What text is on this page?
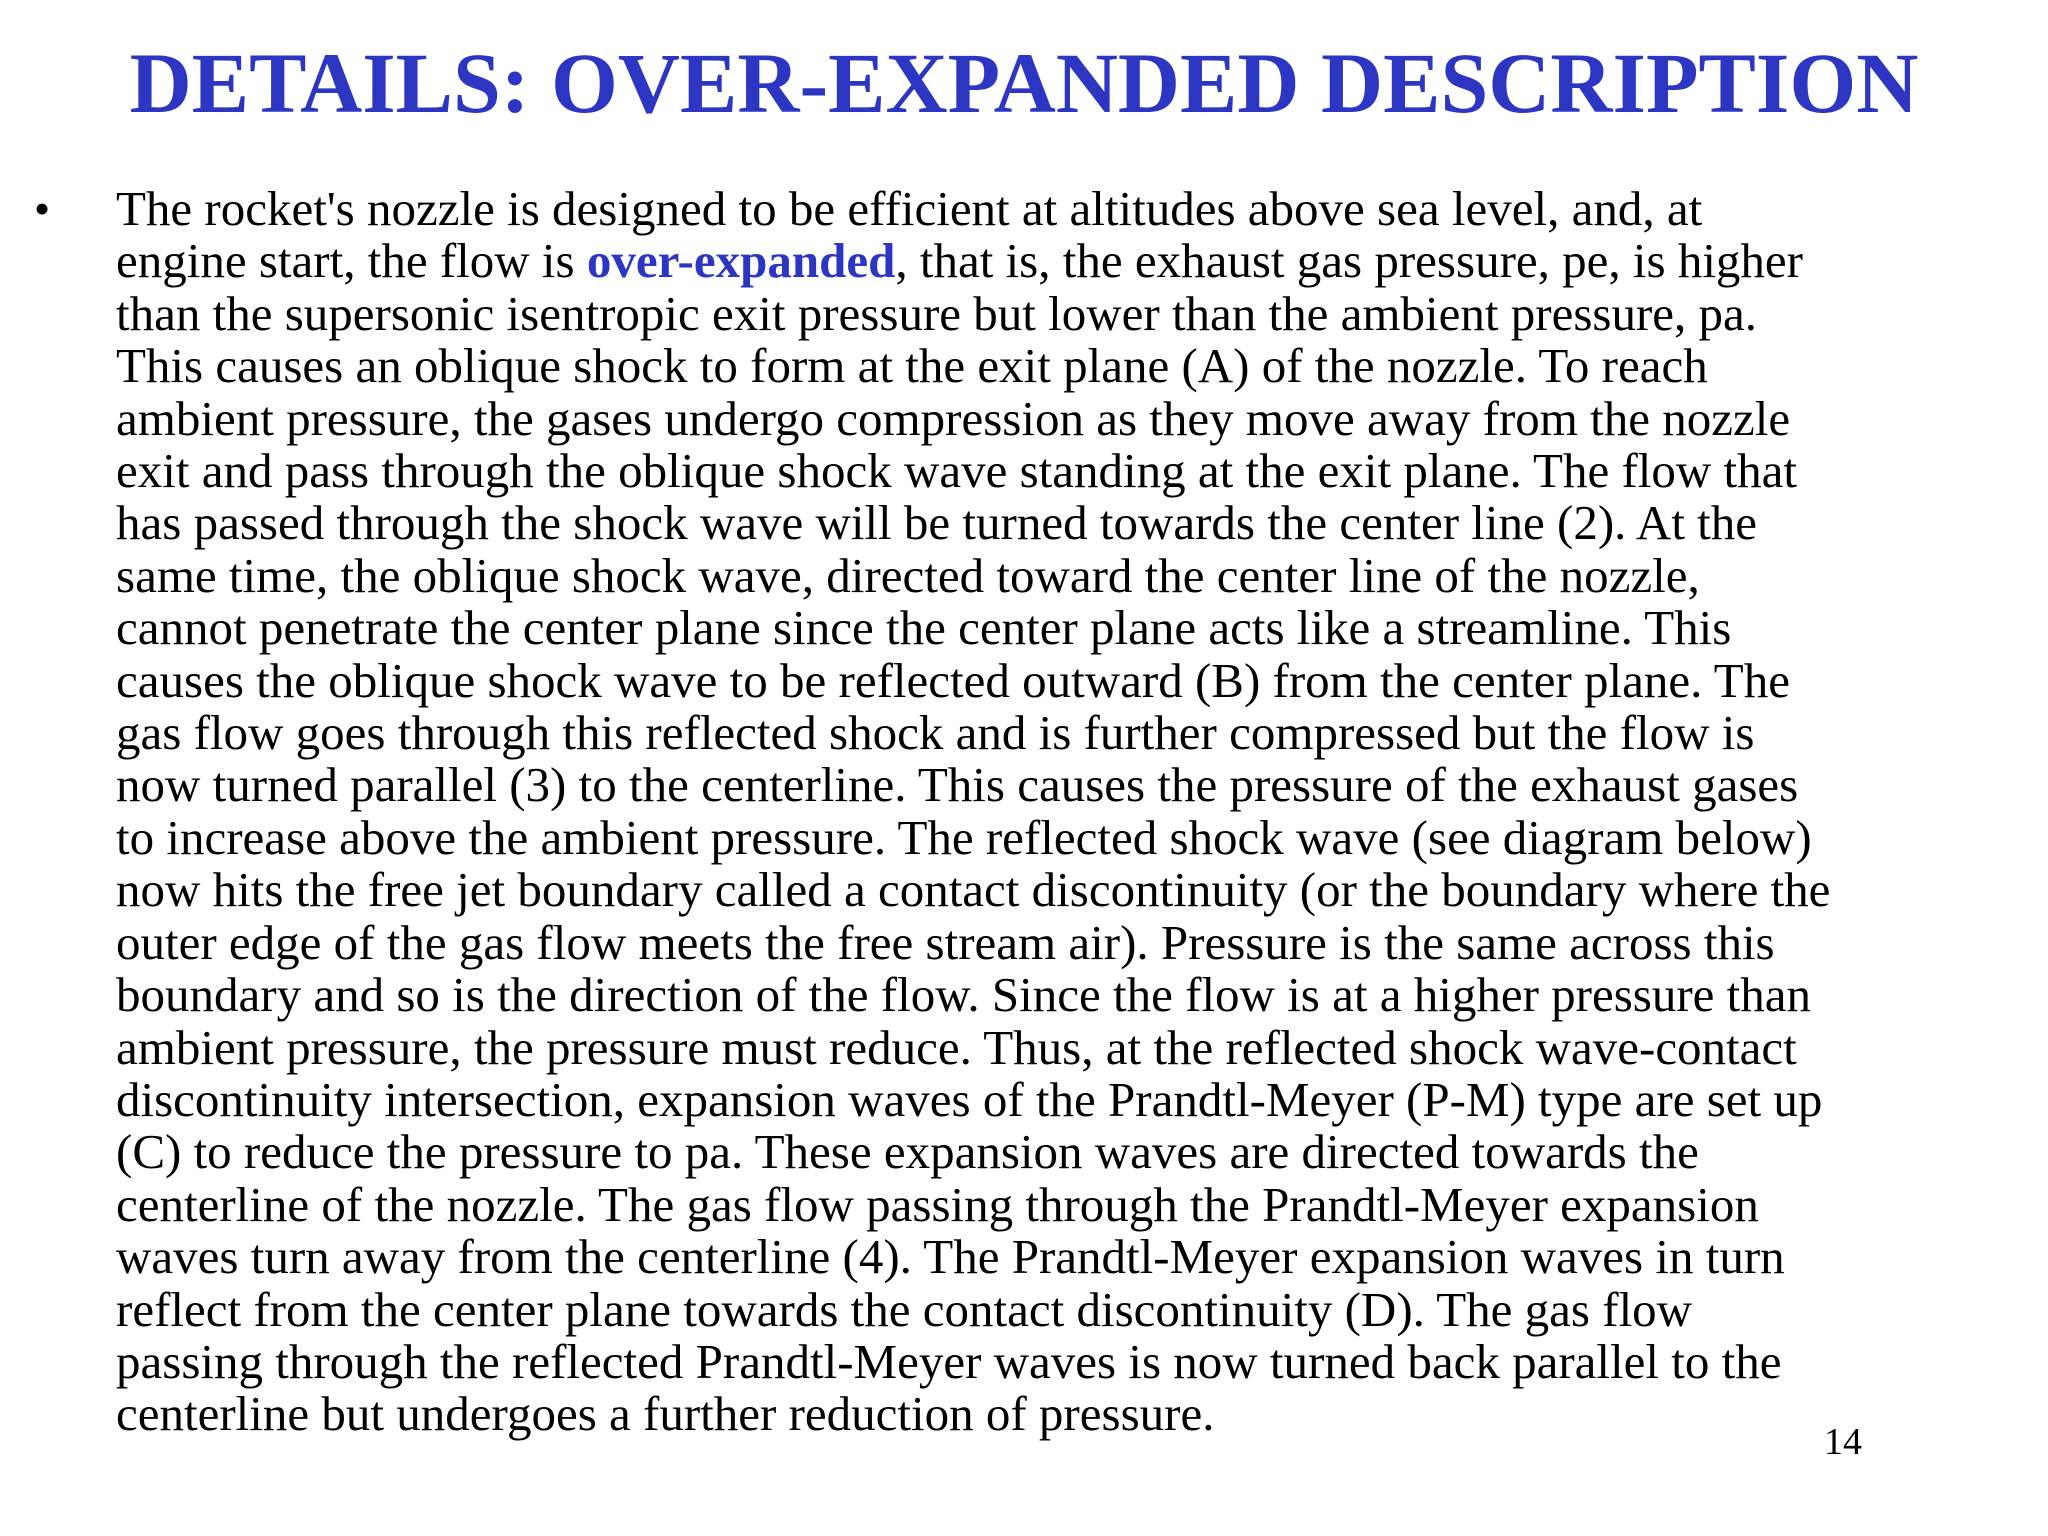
DETAILS: OVER-EXPANDED DESCRIPTION
• The rocket's nozzle is designed to be efficient at altitudes above sea level, and, at
engine start, the flow is over-expanded, that is, the exhaust gas pressure, pe, is higher
than the supersonic isentropic exit pressure but lower than the ambient pressure, pa.
This causes an oblique shock to form at the exit plane (A) of the nozzle. To reach
ambient pressure, the gases undergo compression as they move away from the nozzle
exit and pass through the oblique shock wave standing at the exit plane. The flow that
has passed through the shock wave will be turned towards the center line (2). At the
same time, the oblique shock wave, directed toward the center line of the nozzle,
cannot penetrate the center plane since the center plane acts like a streamline. This
causes the oblique shock wave to be reflected outward (B) from the center plane. The
gas flow goes through this reflected shock and is further compressed but the flow is
now turned parallel (3) to the centerline. This causes the pressure of the exhaust gases
to increase above the ambient pressure. The reflected shock wave (see diagram below)
now hits the free jet boundary called a contact discontinuity (or the boundary where the
outer edge of the gas flow meets the free stream air). Pressure is the same across this
boundary and so is the direction of the flow. Since the flow is at a higher pressure than
ambient pressure, the pressure must reduce. Thus, at the reflected shock wave-contact
discontinuity intersection, expansion waves of the Prandtl-Meyer (P-M) type are set up
(C) to reduce the pressure to pa. These expansion waves are directed towards the
centerline of the nozzle. The gas flow passing through the Prandtl-Meyer expansion
waves turn away from the centerline (4). The Prandtl-Meyer expansion waves in turn
reflect from the center plane towards the contact discontinuity (D). The gas flow
passing through the reflected Prandtl-Meyer waves is now turned back parallel to the
centerline but undergoes a further reduction of pressure.
14
